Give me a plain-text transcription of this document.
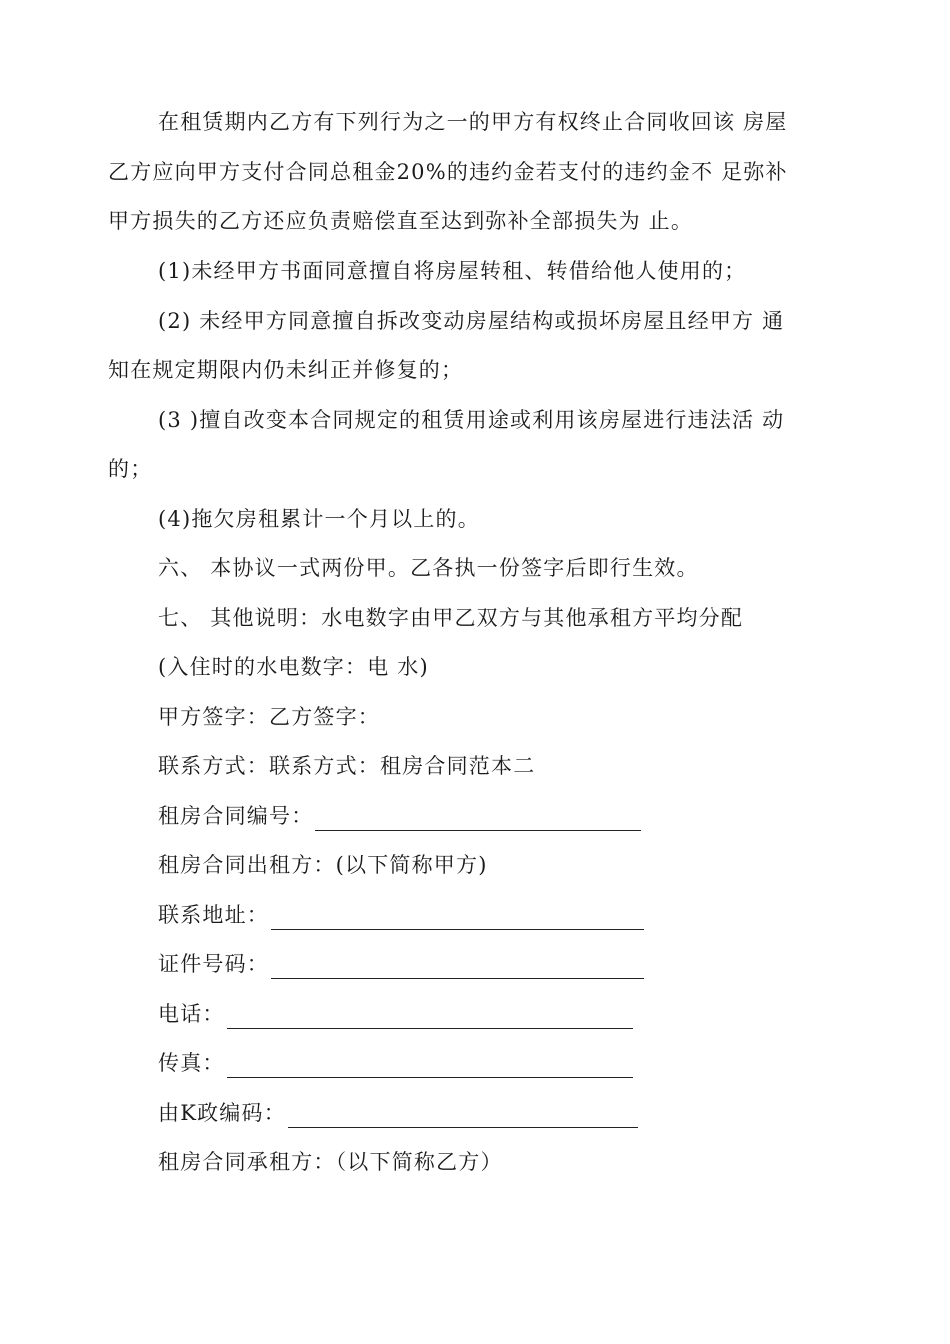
在租赁期内乙方有下列行为之一的甲方有权终止合同收回该 房屋
乙方应向甲方支付合同总租金20%的违约金若支付的违约金不 足弥补
甲方损失的乙方还应负责赔偿直至达到弥补全部损失为 止。
(1)未经甲方书面同意擅自将房屋转租、转借给他人使用的；
(2) 未经甲方同意擅自拆改变动房屋结构或损坏房屋且经甲方 通
知在规定期限内仍未纠正并修复的；
(3 )擅自改变本合同规定的租赁用途或利用该房屋进行违法活 动
的；
(4)拖欠房租累计一个月以上的。
六、 本协议一式两份甲。乙各执一份签字后即行生效。
七、 其他说明：水电数字由甲乙双方与其他承租方平均分配
(入住时的水电数字：电 水)
甲方签字：乙方签字：
联系方式：联系方式：租房合同范本二
租房合同编号：
租房合同出租方：(以下简称甲方)
联系地址：
证件号码：
电话：
传真：
由K政编码：
租房合同承租方：（以下简称乙方）
